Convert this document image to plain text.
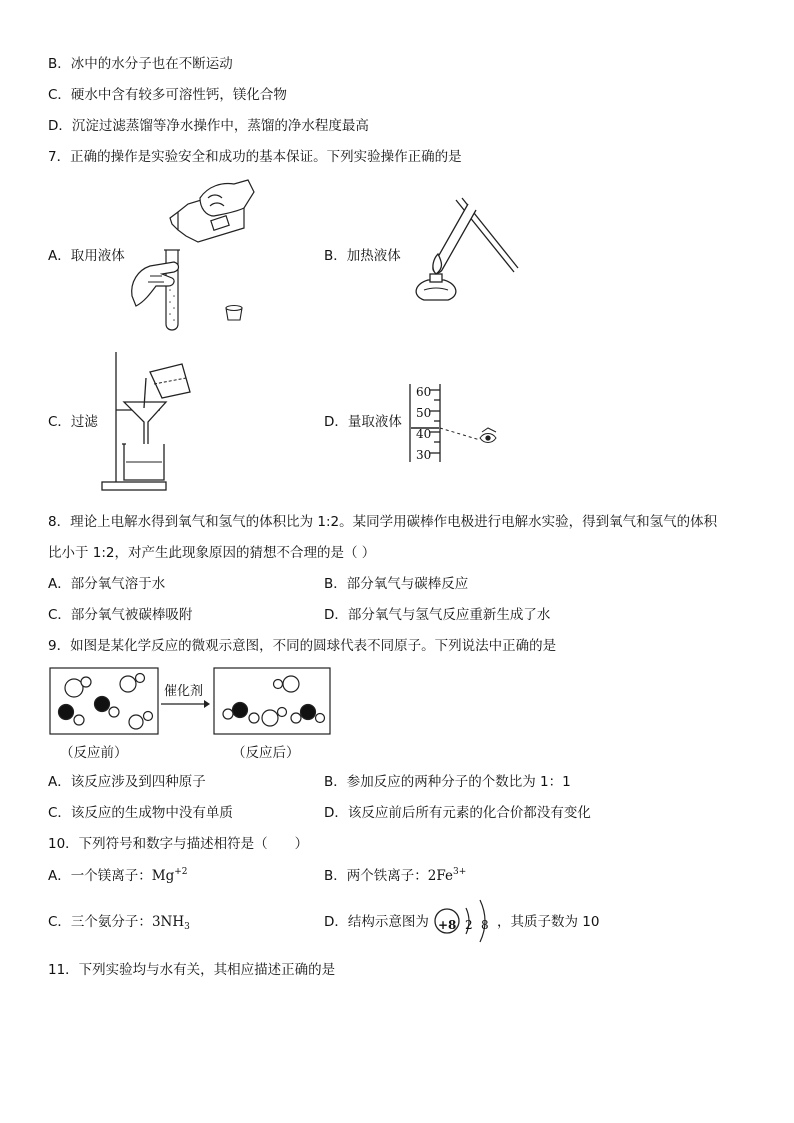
B．冰中的水分子也在不断运动
C．硬水中含有较多可溶性钙，镁化合物
D．沉淀过滤蒸馏等净水操作中，蒸馏的净水程度最高
7．正确的操作是实验安全和成功的基本保证。下列实验操作正确的是
A．取用液体	B．加热液体
C．过滤	D．量取液体
60
50
40
30
8．理论上电解水得到氧气和氢气的体积比为 1:2。某同学用碳棒作电极进行电解水实验，得到氧气和氢气的体积
比小于 1:2，对产生此现象原因的猜想不合理的是（ ）
A．部分氧气溶于水	B．部分氧气与碳棒反应
C．部分氧气被碳棒吸附	D．部分氧气与氢气反应重新生成了水
9．如图是某化学反应的微观示意图，不同的圆球代表不同原子。下列说法中正确的是
催化剂
（反应前）	（反应后）
A．该反应涉及到四种原子	B．参加反应的两种分子的个数比为 1：1
C．该反应的生成物中没有单质	D．该反应前后所有元素的化合价都没有变化
10．下列符号和数字与描述相符是（　　）
A．一个镁离子：$Mg^{+2}$	B．两个铁离子：$2Fe^{3+}$
C．三个氨分子：$3NH_3$	D．结构示意图为 +8 2 8 ，其质子数为 10
11．下列实验均与水有关，其相应描述正确的是
